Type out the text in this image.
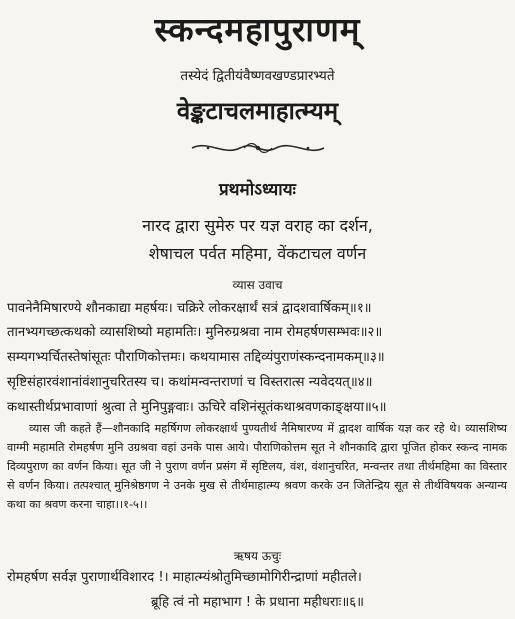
स्कन्दमहापुराणम्
तस्येदं द्वितीयंवैष्णवखण्डप्रारभ्यते
वेङ्कटाचलमाहात्म्यम्
प्रथमोऽध्यायः
नारद द्वारा सुमेरु पर यज्ञ वराह का दर्शन,
शेषाचल पर्वत महिमा, वेंकटाचल वर्णन
व्यास उवाच
पावनेनैमिषारण्ये शौनकाद्या महर्षयः। चक्रिरे लोकरक्षार्थं सत्रं द्वादशवार्षिकम्॥१॥
तानभ्यगच्छत्कथको व्यासशिष्यो महामतिः। मुनिरुग्रश्रवा नाम रोमहर्षणसम्भवः॥२॥
सम्यगभ्यर्चितस्तेषांसूतः पौराणिकोत्तमः। कथयामास तद्दिव्यंपुराणंस्कन्दनामकम्॥३॥
सृष्टिसंहारवंशानांवंशानुचरितस्य च। कथांमन्वन्तराणां च विस्तरात्स न्यवेदयत्॥४॥
कथास्तीर्थप्रभावाणां श्रुत्वा ते मुनिपुङ्गवाः। ऊचिरे वशिनंसूतंकथाश्रवणकाङ्क्षया॥५॥
व्यास जी कहते हैं—शौनकादि महर्षिगण लोकरक्षार्थ पुण्यतीर्थ नैमिषारण्य में द्वादश वार्षिक यज्ञ कर रहे थे। व्यासशिष्य वाग्मी महामति रोमहर्षण मुनि उग्रश्रवा वहां उनके पास आये। पौराणिकोत्तम सूत ने शौनकादि द्वारा पूजित होकर स्कन्द नामक दिव्यपुराण का वर्णन किया। सूत जी ने पुराण वर्णन प्रसंग में सृष्टिलय, वंश, वंशानुचरित, मन्वन्तर तथा तीर्थमहिमा का विस्तार से वर्णन किया। तत्पश्चात् मुनिश्रेष्ठगण ने उनके मुख से तीर्थमाहात्म्य श्रवण करके उन जितेन्द्रिय सूत से तीर्थविषयक अन्यान्य कथा का श्रवण करना चाहा।।१-५।।
ऋषय ऊचुः
रोमहर्षण सर्वज्ञ पुराणार्थविशारद !। माहात्म्यंश्रोतुमिच्छामोगिरीन्द्राणां महीतले।
ब्रूहि त्वं नो महाभाग ! के प्रधाना महीधराः॥६॥
